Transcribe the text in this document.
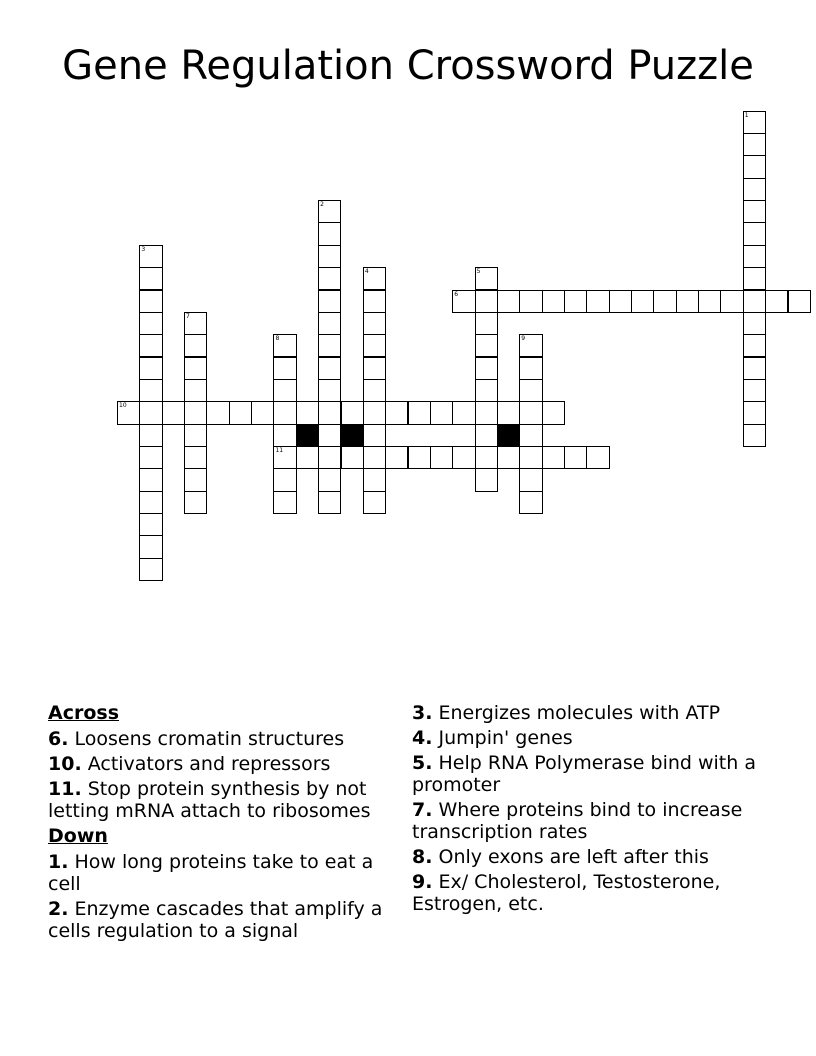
Gene Regulation Crossword Puzzle
1
2
3
4	5
6
7
8
11
9
10
Across
6. Loosens cromatin structures
10. Activators and repressors
11. Stop protein synthesis by not letting mRNA attach to ribosomes
Down
1. How long proteins take to eat a cell
2. Enzyme cascades that amplify a cells regulation to a signal
3. Energizes molecules with ATP
4. Jumpin' genes
5. Help RNA Polymerase bind with a promoter
7. Where proteins bind to increase transcription rates
8. Only exons are left after this
9. Ex/ Cholesterol, Testosterone, Estrogen, etc.
